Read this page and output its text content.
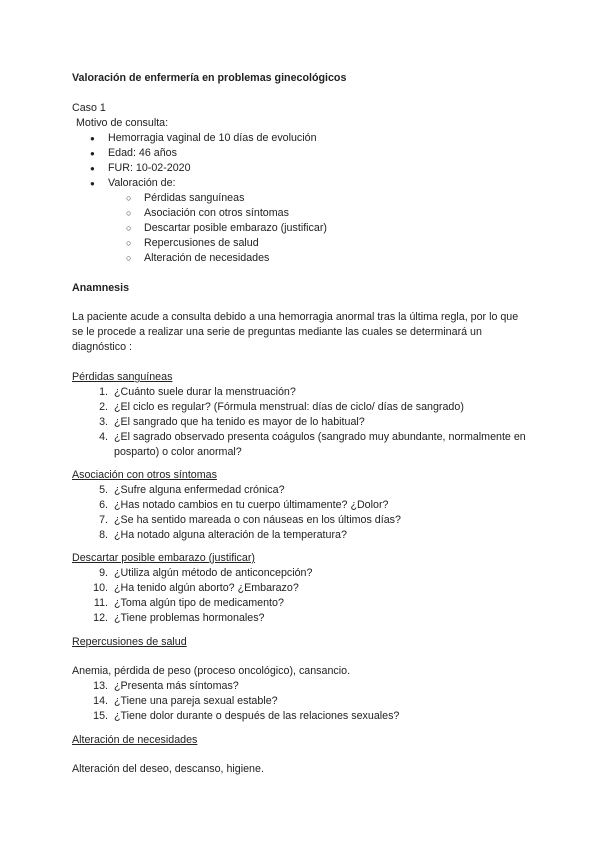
Valoración de enfermería en problemas ginecológicos

Caso 1

Motivo de consulta:

● Hemorragia vaginal de 10 días de evolución
● Edad: 46 años
● FUR: 10-02-2020
● Valoración de:
○ Pérdidas sanguíneas
○ Asociación con otros síntomas
○ Descartar posible embarazo (justificar)
○ Repercusiones de salud
○ Alteración de necesidades

Anamnesis

La paciente acude a consulta debido a una hemorragia anormal tras la última regla, por lo que se le procede a realizar una serie de preguntas mediante las cuales se determinará un diagnóstico :

Pérdidas sanguíneas

1. ¿Cuánto suele durar la menstruación?
2. ¿El ciclo es regular? (Fórmula menstrual: días de ciclo/ días de sangrado)
3. ¿El sangrado que ha tenido es mayor de lo habitual?
4. ¿El sagrado observado presenta coágulos (sangrado muy abundante, normalmente en posparto) o color anormal?

Asociación con otros síntomas

5. ¿Sufre alguna enfermedad crónica?
6. ¿Has notado cambios en tu cuerpo últimamente? ¿Dolor?
7. ¿Se ha sentido mareada o con náuseas en los últimos días?
8. ¿Ha notado alguna alteración de la temperatura?

Descartar posible embarazo (justificar)

9. ¿Utiliza algún método de anticoncepción?
10. ¿Ha tenido algún aborto? ¿Embarazo?
11. ¿Toma algún tipo de medicamento?
12. ¿Tiene problemas hormonales?

Repercusiones de salud

Anemia, pérdida de peso (proceso oncológico), cansancio.

13. ¿Presenta más síntomas?
14. ¿Tiene una pareja sexual estable?
15. ¿Tiene dolor durante o después de las relaciones sexuales?

Alteración de necesidades

Alteración del deseo, descanso, higiene.
